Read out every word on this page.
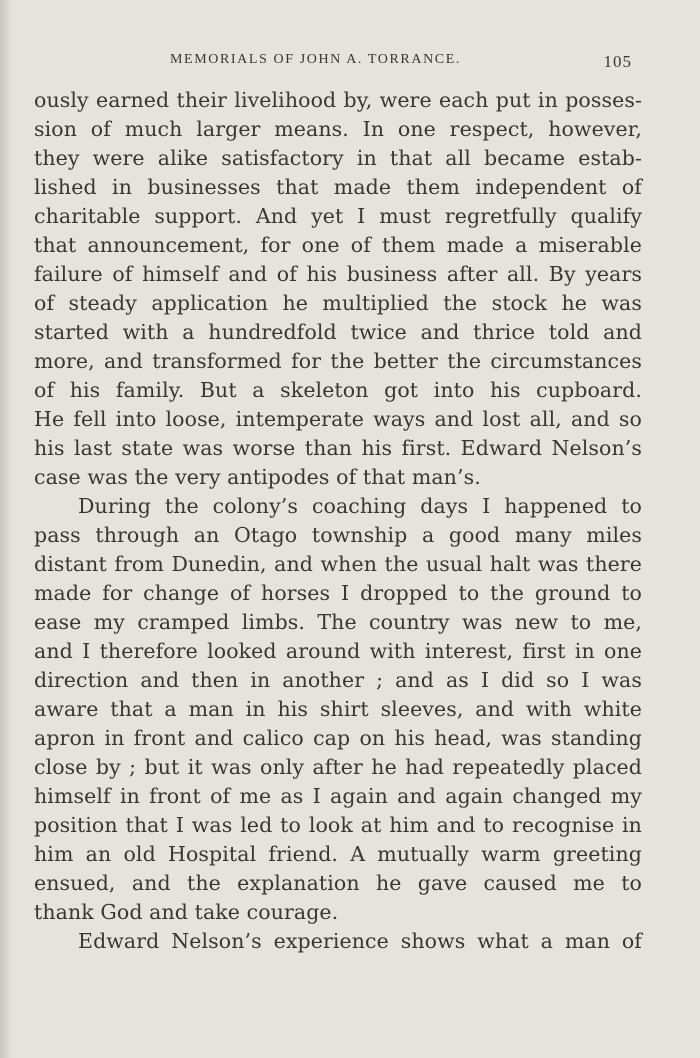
MEMORIALS OF JOHN A. TORRANCE.	105
ously earned their livelihood by, were each put in posses-
sion of much larger means. In one respect, however,
they were alike satisfactory in that all became estab-
lished in businesses that made them independent of
charitable support. And yet I must regretfully qualify
that announcement, for one of them made a miserable
failure of himself and of his business after all. By years
of steady application he multiplied the stock he was
started with a hundredfold twice and thrice told and
more, and transformed for the better the circumstances
of his family. But a skeleton got into his cupboard.
He fell into loose, intemperate ways and lost all, and so
his last state was worse than his first. Edward Nelson’s
case was the very antipodes of that man’s.
During the colony’s coaching days I happened to
pass through an Otago township a good many miles
distant from Dunedin, and when the usual halt was there
made for change of horses I dropped to the ground to
ease my cramped limbs. The country was new to me,
and I therefore looked around with interest, first in one
direction and then in another ; and as I did so I was
aware that a man in his shirt sleeves, and with white
apron in front and calico cap on his head, was standing
close by ; but it was only after he had repeatedly placed
himself in front of me as I again and again changed my
position that I was led to look at him and to recognise in
him an old Hospital friend. A mutually warm greeting
ensued, and the explanation he gave caused me to
thank God and take courage.
Edward Nelson’s experience shows what a man of
